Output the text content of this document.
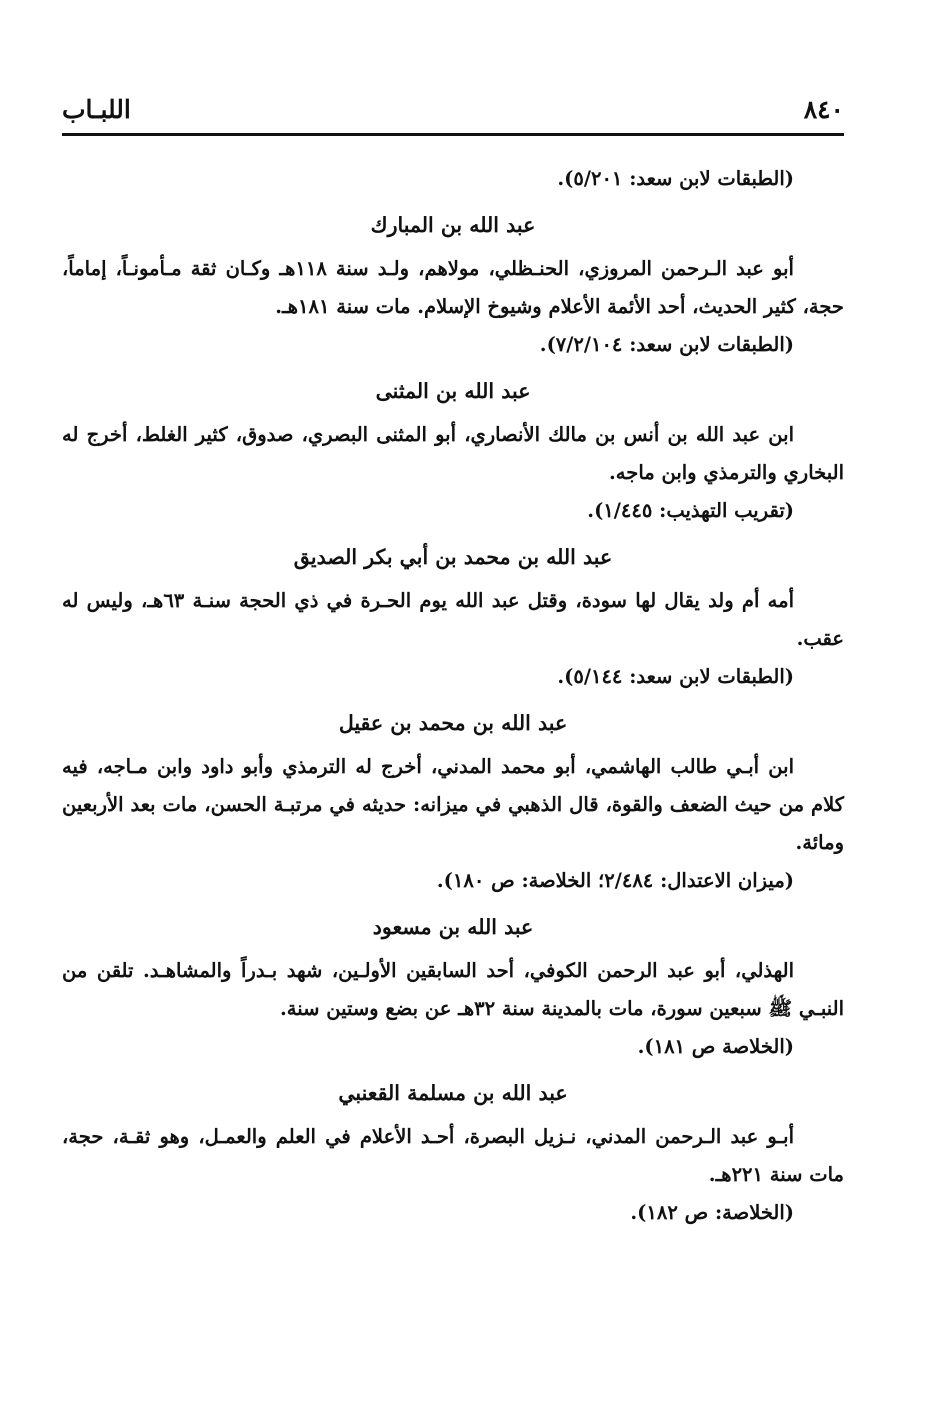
اللبـاب	٨٤٠

(الطبقات لابن سعد: ٥/٢٠١).

عبد الله بن المبارك

أبو عبد الـرحمن المروزي، الحنـظلي، مولاهم، ولـد سنة ١١٨هـ وكـان ثقة مـأمونـاً، إماماً، حجة، كثير الحديث، أحد الأئمة الأعلام وشيوخ الإسلام. مات سنة ١٨١هـ.

(الطبقات لابن سعد: ٧/٢/١٠٤).

عبد الله بن المثنى

ابن عبد الله بن أنس بن مالك الأنصاري، أبو المثنى البصري، صدوق، كثير الغلط، أخرج له البخاري والترمذي وابن ماجه.

(تقريب التهذيب: ١/٤٤٥).

عبد الله بن محمد بن أبي بكر الصديق

أمه أم ولد يقال لها سودة، وقتل عبد الله يوم الحـرة في ذي الحجة سنـة ٦٣هـ، وليس له عقب.

(الطبقات لابن سعد: ٥/١٤٤).

عبد الله بن محمد بن عقيل

ابن أبـي طالب الهاشمي، أبو محمد المدني، أخرج له الترمذي وأبو داود وابن مـاجه، فيه كلام من حيث الضعف والقوة، قال الذهبي في ميزانه: حديثه في مرتبـة الحسن، مات بعد الأربعين ومائة.

(ميزان الاعتدال: ٢/٤٨٤؛ الخلاصة: ص ١٨٠).

عبد الله بن مسعود

الهذلي، أبو عبد الرحمن الكوفي، أحد السابقين الأولـين، شهد بـدراً والمشاهـد. تلقن من النبـي ﷺ سبعين سورة، مات بالمدينة سنة ٣٢هـ عن بضع وستين سنة.

(الخلاصة ص ١٨١).

عبد الله بن مسلمة القعنبي

أبـو عبد الـرحمن المدني، نـزيل البصرة، أحـد الأعلام في العلم والعمـل، وهو ثقـة، حجة، مات سنة ٢٢١هـ.

(الخلاصة: ص ١٨٢).
